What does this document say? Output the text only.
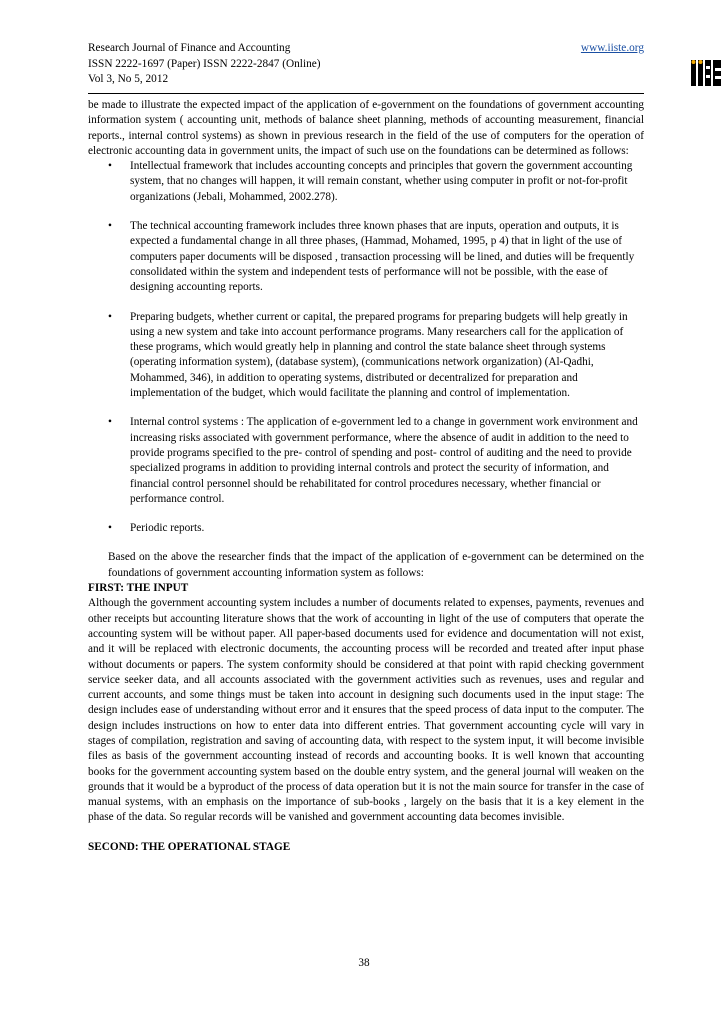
Research Journal of Finance and Accounting
ISSN 2222-1697 (Paper) ISSN 2222-2847 (Online)
Vol 3, No 5, 2012
www.iiste.org
IISTE

be made to illustrate the expected impact of the application of e-government on the foundations of government accounting information system ( accounting unit, methods of balance sheet planning, methods of accounting measurement, financial reports., internal control systems) as shown in previous research in the field of the use of computers for the operation of electronic accounting data in government units, the impact of such use on the foundations can be determined as follows:

• Intellectual framework that includes accounting concepts and principles that govern the government accounting system, that no changes will happen, it will remain constant, whether using computer in profit or not-for-profit organizations (Jebali, Mohammed, 2002.278).
• The technical accounting framework includes three known phases that are inputs, operation and outputs, it is expected a fundamental change in all three phases, (Hammad, Mohamed, 1995, p 4) that in light of the use of computers paper documents will be disposed , transaction processing will be lined, and duties will be frequently consolidated within the system and independent tests of performance will not be possible, with the ease of designing accounting reports.
• Preparing budgets, whether current or capital, the prepared programs for preparing budgets will help greatly in using a new system and take into account performance programs. Many researchers call for the application of these programs, which would greatly help in planning and control the state balance sheet through systems (operating information system), (database system), (communications network organization) (Al-Qadhi, Mohammed, 346), in addition to operating systems, distributed or decentralized for preparation and implementation of the budget, which would facilitate the planning and control of implementation.
• Internal control systems : The application of e-government led to a change in government work environment and increasing risks associated with government performance, where the absence of audit in addition to the need to provide programs specified to the pre- control of spending and post- control of auditing and the need to provide specialized programs in addition to providing internal controls and protect the security of information, and financial control personnel should be rehabilitated for control procedures necessary, whether financial or performance control.
• Periodic reports.

Based on the above the researcher finds that the impact of the application of e-government can be determined on the foundations of government accounting information system as follows:

FIRST: THE INPUT

Although the government accounting system includes a number of documents related to expenses, payments, revenues and other receipts but accounting literature shows that the work of accounting in light of the use of computers that operate the accounting system will be without paper. All paper-based documents used for evidence and documentation will not exist, and it will be replaced with electronic documents, the accounting process will be recorded and treated after input phase without documents or papers. The system conformity should be considered at that point with rapid checking government service seeker data, and all accounts associated with the government activities such as revenues, uses and regular and current accounts, and some things must be taken into account in designing such documents used in the input stage: The design includes ease of understanding without error and it ensures that the speed process of data input to the computer. The design includes instructions on how to enter data into different entries. That government accounting cycle will vary in stages of compilation, registration and saving of accounting data, with respect to the system input, it will become invisible files as basis of the government accounting instead of records and accounting books. It is well known that accounting books for the government accounting system based on the double entry system, and the general journal will weaken on the grounds that it would be a byproduct of the process of data operation but it is not the main source for transfer in the case of manual systems, with an emphasis on the importance of sub-books , largely on the basis that it is a key element in the phase of the data. So regular records will be vanished and government accounting data becomes invisible.

SECOND: THE OPERATIONAL STAGE
38
